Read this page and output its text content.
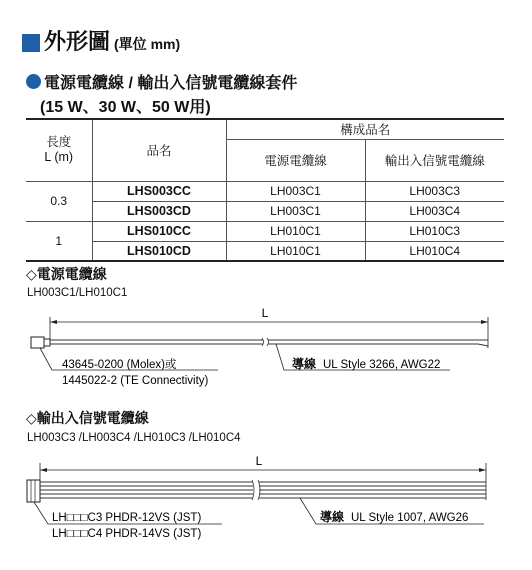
外形圖 (單位 mm)
電源電纜線 / 輸出入信號電纜線套件
(15 W、30 W、50 W用)
長度
L (m)	品名	構成品名	
		電源電纜線	輸出入信號電纜線
0.3	LHS003CC	LH003C1	LH003C3
	LHS003CD	LH003C1	LH003C4
1	LHS010CC	LH010C1	LH010C3
	LHS010CD	LH010C1	LH010C4
◇電源電纜線
LH003C1/LH010C1
L
43645-0200 (Molex)或
1445022-2 (TE Connectivity)
導線 UL Style 3266, AWG22
◇輸出入信號電纜線
LH003C3 /LH003C4 /LH010C3 /LH010C4
L
LH□□□C3 PHDR-12VS (JST)
LH□□□C4 PHDR-14VS (JST)
導線 UL Style 1007, AWG26
